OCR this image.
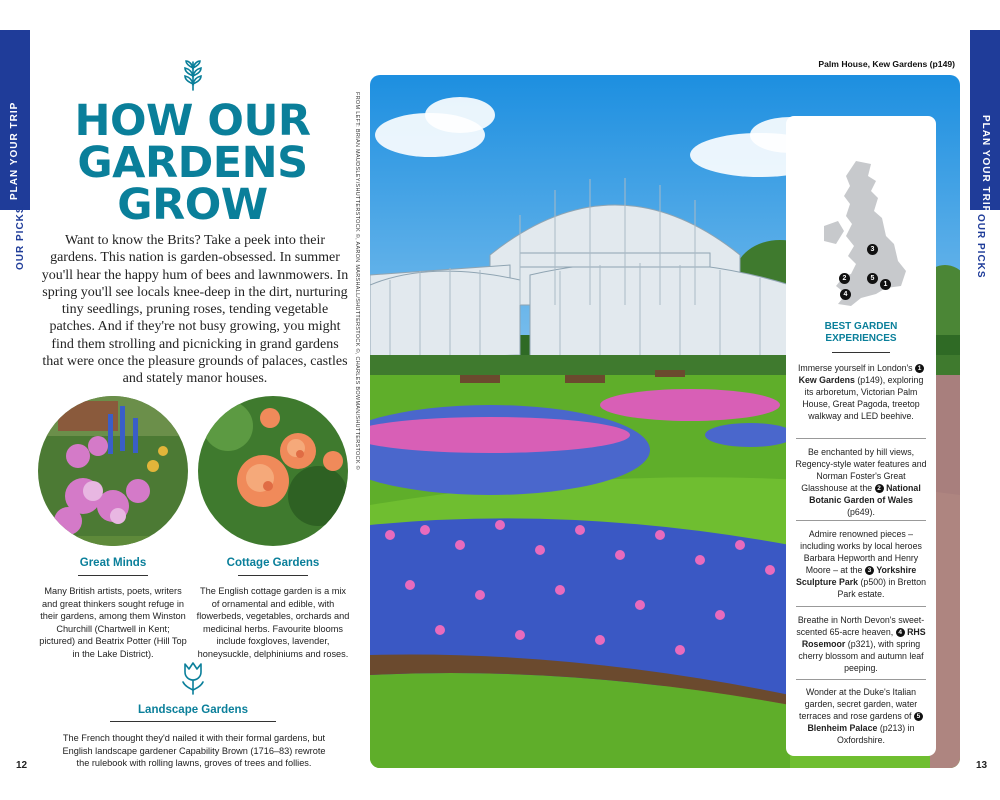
PLAN YOUR TRIP
OUR PICKS
PLAN YOUR TRIP
OUR PICKS
12	13
HOW OUR
GARDENS
GROW

Want to know the Brits? Take a peek into their gardens. This nation is garden-obsessed. In summer you'll hear the happy hum of bees and lawnmowers. In spring you'll see locals knee-deep in the dirt, nurturing tiny seedlings, pruning roses, tending vegetable patches. And if they're not busy growing, you might find them strolling and picnicking in grand gardens that were once the pleasure grounds of palaces, castles and stately manor houses.

Great Minds

Many British artists, poets, writers and great thinkers sought refuge in their gardens, among them Winston Churchill (Chartwell in Kent; pictured) and Beatrix Potter (Hill Top in the Lake District).

Cottage Gardens

The English cottage garden is a mix of ornamental and edible, with flowerbeds, vegetables, orchards and medicinal herbs. Favourite blooms include foxgloves, lavender, honeysuckle, delphiniums and roses.

Landscape Gardens

The French thought they'd nailed it with their formal gardens, but English landscape gardener Capability Brown (1716–83) rewrote the rulebook with rolling lawns, groves of trees and follies.

FROM LEFT: BRIAN MAUDSLEY/SHUTTERSTOCK ©, AARON MARSHALL/SHUTTERSTOCK ©, CHARLES BOWMAN/SHUTTERSTOCK ©
Palm House, Kew Gardens (p149)
3
2	5
1
4
BEST GARDEN
EXPERIENCES

Immerse yourself in London's 1 Kew Gardens (p149), exploring its arboretum, Victorian Palm House, Great Pagoda, treetop walkway and LED beehive.

Be enchanted by hill views, Regency-style water features and Norman Foster's Great Glasshouse at the 2 National Botanic Garden of Wales (p649).

Admire renowned pieces – including works by local heroes Barbara Hepworth and Henry Moore – at the 3 Yorkshire Sculpture Park (p500) in Bretton Park estate.

Breathe in North Devon's sweet-scented 65-acre heaven, 4 RHS Rosemoor (p321), with spring cherry blossom and autumn leaf peeping.

Wonder at the Duke's Italian garden, secret garden, water terraces and rose gardens of 5 Blenheim Palace (p213) in Oxfordshire.
